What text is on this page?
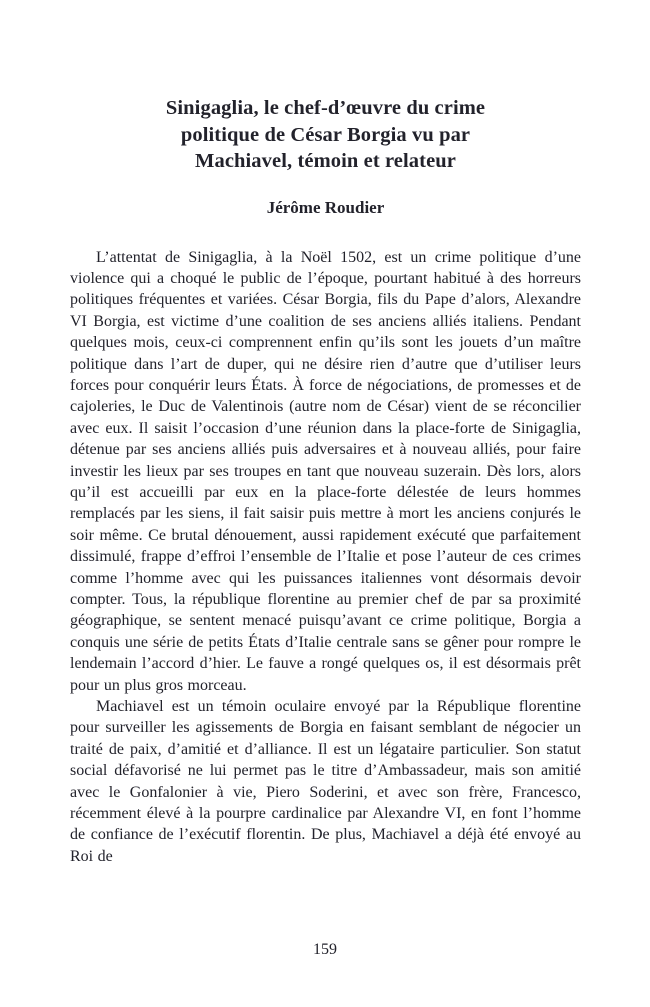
Sinigaglia, le chef-d’œuvre du crime
politique de César Borgia vu par
Machiavel, témoin et relateur
Jérôme Roudier

L’attentat de Sinigaglia, à la Noël 1502, est un crime politique d’une violence qui a choqué le public de l’époque, pourtant habitué à des horreurs politiques fréquentes et variées. César Borgia, fils du Pape d’alors, Alexandre VI Borgia, est victime d’une coalition de ses anciens alliés italiens. Pendant quelques mois, ceux-ci comprennent enfin qu’ils sont les jouets d’un maître politique dans l’art de duper, qui ne désire rien d’autre que d’utiliser leurs forces pour conquérir leurs États. À force de négociations, de promesses et de cajoleries, le Duc de Valentinois (autre nom de César) vient de se réconcilier avec eux. Il saisit l’occasion d’une réunion dans la place-forte de Sinigaglia, détenue par ses anciens alliés puis adversaires et à nouveau alliés, pour faire investir les lieux par ses troupes en tant que nouveau suzerain. Dès lors, alors qu’il est accueilli par eux en la place-forte délestée de leurs hommes remplacés par les siens, il fait saisir puis mettre à mort les anciens conjurés le soir même. Ce brutal dénouement, aussi rapidement exécuté que parfaitement dissimulé, frappe d’effroi l’ensemble de l’Italie et pose l’auteur de ces crimes comme l’homme avec qui les puissances italiennes vont désormais devoir compter. Tous, la république florentine au premier chef de par sa proximité géographique, se sentent menacé puisqu’avant ce crime politique, Borgia a conquis une série de petits États d’Italie centrale sans se gêner pour rompre le lendemain l’accord d’hier. Le fauve a rongé quelques os, il est désormais prêt pour un plus gros morceau.

Machiavel est un témoin oculaire envoyé par la République florentine pour surveiller les agissements de Borgia en faisant semblant de négocier un traité de paix, d’amitié et d’alliance. Il est un légataire particulier. Son statut social défavorisé ne lui permet pas le titre d’Ambassadeur, mais son amitié avec le Gonfalonier à vie, Piero Soderini, et avec son frère, Francesco, récemment élevé à la pourpre cardinalice par Alexandre VI, en font l’homme de confiance de l’exécutif florentin. De plus, Machiavel a déjà été envoyé au Roi de

159
